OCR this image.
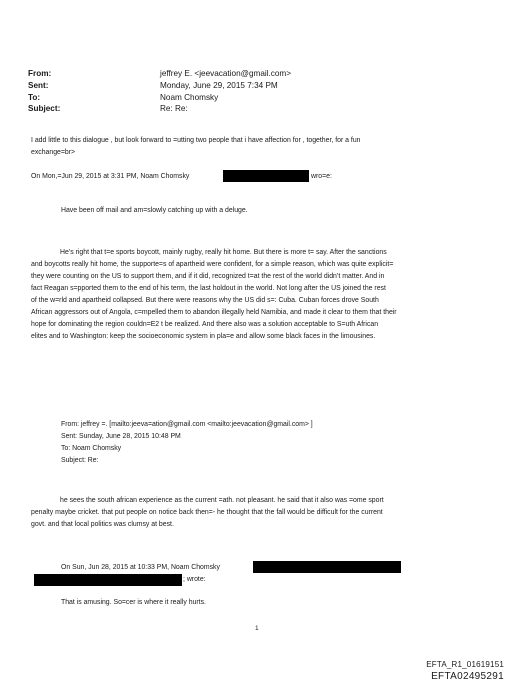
From:	jeffrey E. <jeevacation@gmail.com>
Sent:	Monday, June 29, 2015 7:34 PM
To:	Noam Chomsky
Subject:	Re: Re:
I add little to this dialogue , but look forward to =utting two people that i have affection for , together, for a fun
exchange=br>
On Mon,=Jun 29, 2015 at 3:31 PM, Noam Chomsky	wro=e:
Have been off mail and am=slowly catching up with a deluge.
He’s right that t=e sports boycott, mainly rugby, really hit home. But there is more t= say. After the sanctions
and boycotts really hit home, the supporte=s of apartheid were confident, for a simple reason, which was quite explicit=
they were counting on the US to support them, and if it did, recognized t=at the rest of the world didn’t matter. And in
fact Reagan s=pported them to the end of his term, the last holdout in the world. Not long after the US joined the rest
of the w=rld and apartheid collapsed. But there were reasons why the US did s=: Cuba. Cuban forces drove South
African aggressors out of Angola, c=mpelled them to abandon illegally held Namibia, and made it clear to them that their
hope for dominating the region couldn=E2 t be realized. And there also was a solution acceptable to S=uth African
elites and to Washington: keep the socioeconomic system in pla=e and allow some black faces in the limousines.
From: jeffrey =. [mailto:jeeva=ation@gmail.com <mailto:jeevacation@gmail.com> ]
Sent: Sunday, June 28, 2015 10:48 PM
To: Noam Chomsky
Subject: Re:
he sees the south african experience as the current =ath. not pleasant. he said that it also was =ome sport
penalty maybe cricket. that put people on notice back then=- he thought that the fall would be difficult for the current
govt. and that local politics was clumsy at best.
On Sun, Jun 28, 2015 at 10:33 PM, Noam Chomsky
; wrote:
That is amusing. So=cer is where it really hurts.
1
EFTA_R1_01619151
EFTA02495291
